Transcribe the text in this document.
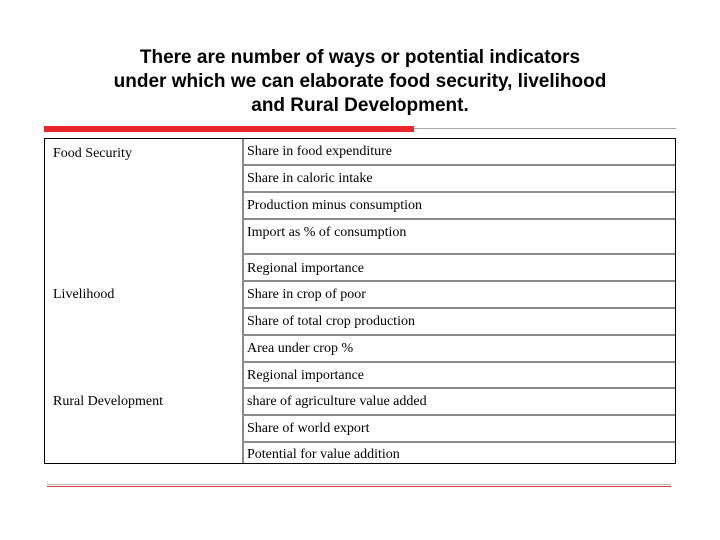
There are number of ways or potential indicators
under which we can elaborate food security, livelihood
and Rural Development.
Food Security
Livelihood
Rural Development
Share in food expenditure
Share in caloric intake
Production minus consumption
Import as % of consumption
Regional importance
Share in crop of poor
Share of total crop production
Area under crop %
Regional importance
share of agriculture value added
Share of world export
Potential for value addition
